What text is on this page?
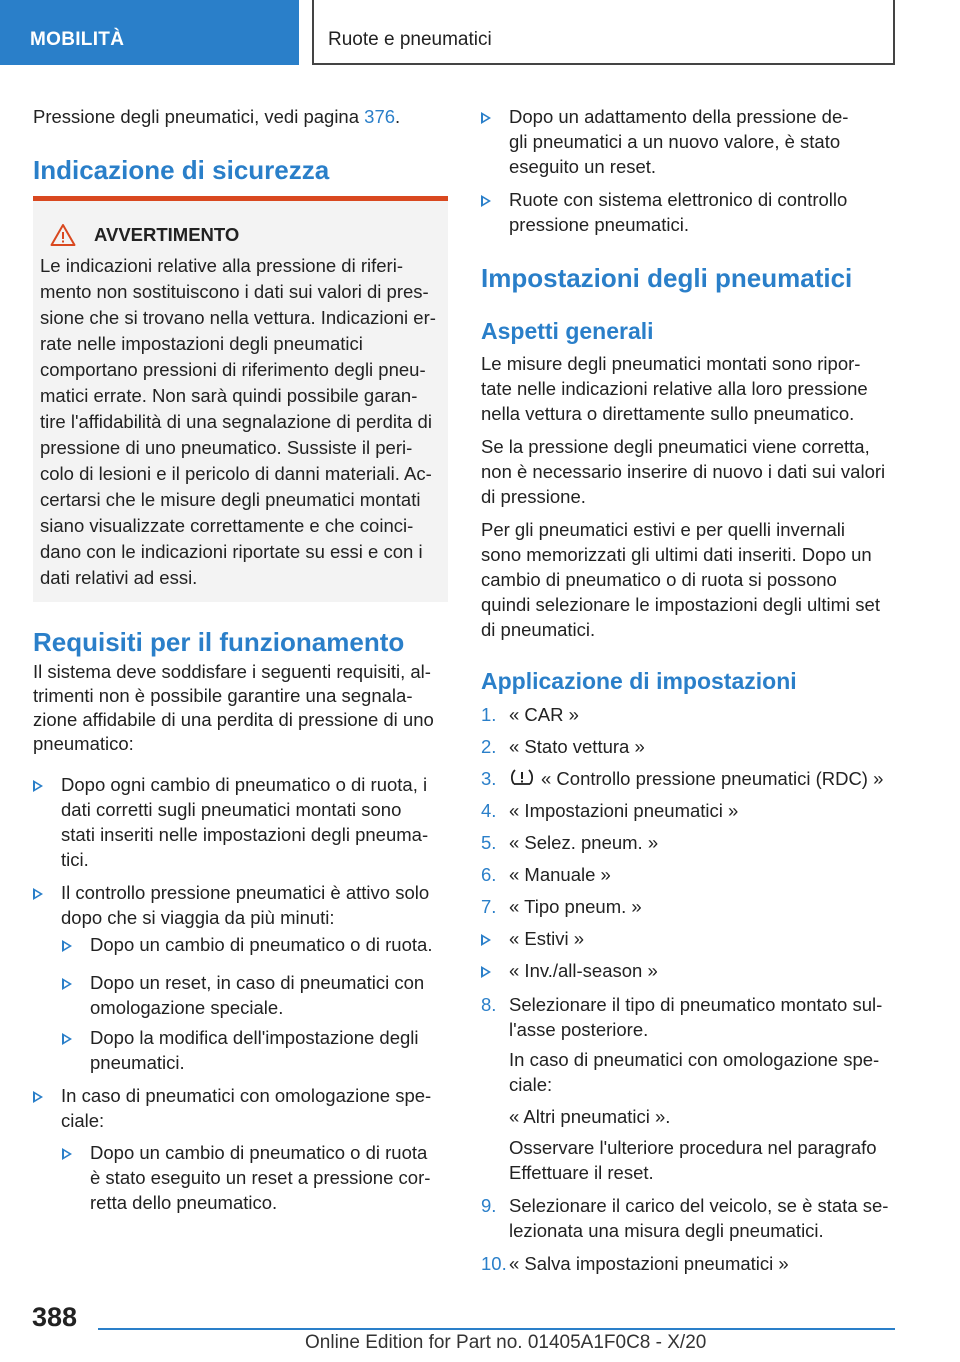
MOBILITÀ	Ruote e pneumatici

Pressione degli pneumatici, vedi pagina 376.

Indicazione di sicurezza
AVVERTIMENTO

Le indicazioni relative alla pressione di riferi-
mento non sostituiscono i dati sui valori di pres-
sione che si trovano nella vettura. Indicazioni er-
rate nelle impostazioni degli pneumatici
comportano pressioni di riferimento degli pneu-
matici errate. Non sarà quindi possibile garan-
tire l'affidabilità di una segnalazione di perdita di
pressione di uno pneumatico. Sussiste il peri-
colo di lesioni e il pericolo di danni materiali. Ac-
certarsi che le misure degli pneumatici montati
siano visualizzate correttamente e che coinci-
dano con le indicazioni riportate su essi e con i
dati relativi ad essi.

Requisiti per il funzionamento

Il sistema deve soddisfare i seguenti requisiti, al-
trimenti non è possibile garantire una segnala-
zione affidabile di una perdita di pressione di uno
pneumatico:

Dopo ogni cambio di pneumatico o di ruota, i
dati corretti sugli pneumatici montati sono
stati inseriti nelle impostazioni degli pneuma-
tici.
Il controllo pressione pneumatici è attivo solo
dopo che si viaggia da più minuti:
Dopo un cambio di pneumatico o di ruota.
Dopo un reset, in caso di pneumatici con
omologazione speciale.
Dopo la modifica dell'impostazione degli
pneumatici.
In caso di pneumatici con omologazione spe-
ciale:
Dopo un cambio di pneumatico o di ruota
è stato eseguito un reset a pressione cor-
retta dello pneumatico.
Dopo un adattamento della pressione de-
gli pneumatici a un nuovo valore, è stato
eseguito un reset.
Ruote con sistema elettronico di controllo
pressione pneumatici.
Impostazioni degli pneumatici
Aspetti generali

Le misure degli pneumatici montati sono ripor-
tate nelle indicazioni relative alla loro pressione
nella vettura o direttamente sullo pneumatico.

Se la pressione degli pneumatici viene corretta,
non è necessario inserire di nuovo i dati sui valori
di pressione.

Per gli pneumatici estivi e per quelli invernali
sono memorizzati gli ultimi dati inseriti. Dopo un
cambio di pneumatico o di ruota si possono
quindi selezionare le impostazioni degli ultimi set
di pneumatici.

Applicazione di impostazioni
1. « CAR »
2. « Stato vettura »
3. « Controllo pressione pneumatici (RDC) »
4. « Impostazioni pneumatici »
5. « Selez. pneum. »
6. « Manuale »
7. « Tipo pneum. »
« Estivi »
« Inv./all-season »
8. Selezionare il tipo di pneumatico montato sul-
l'asse posteriore.

In caso di pneumatici con omologazione spe-
ciale:

« Altri pneumatici ».

Osservare l'ulteriore procedura nel paragrafo
Effettuare il reset.

9. Selezionare il carico del veicolo, se è stata se-
lezionata una misura degli pneumatici.
10. « Salva impostazioni pneumatici »
388
Online Edition for Part no. 01405A1F0C8 - X/20
